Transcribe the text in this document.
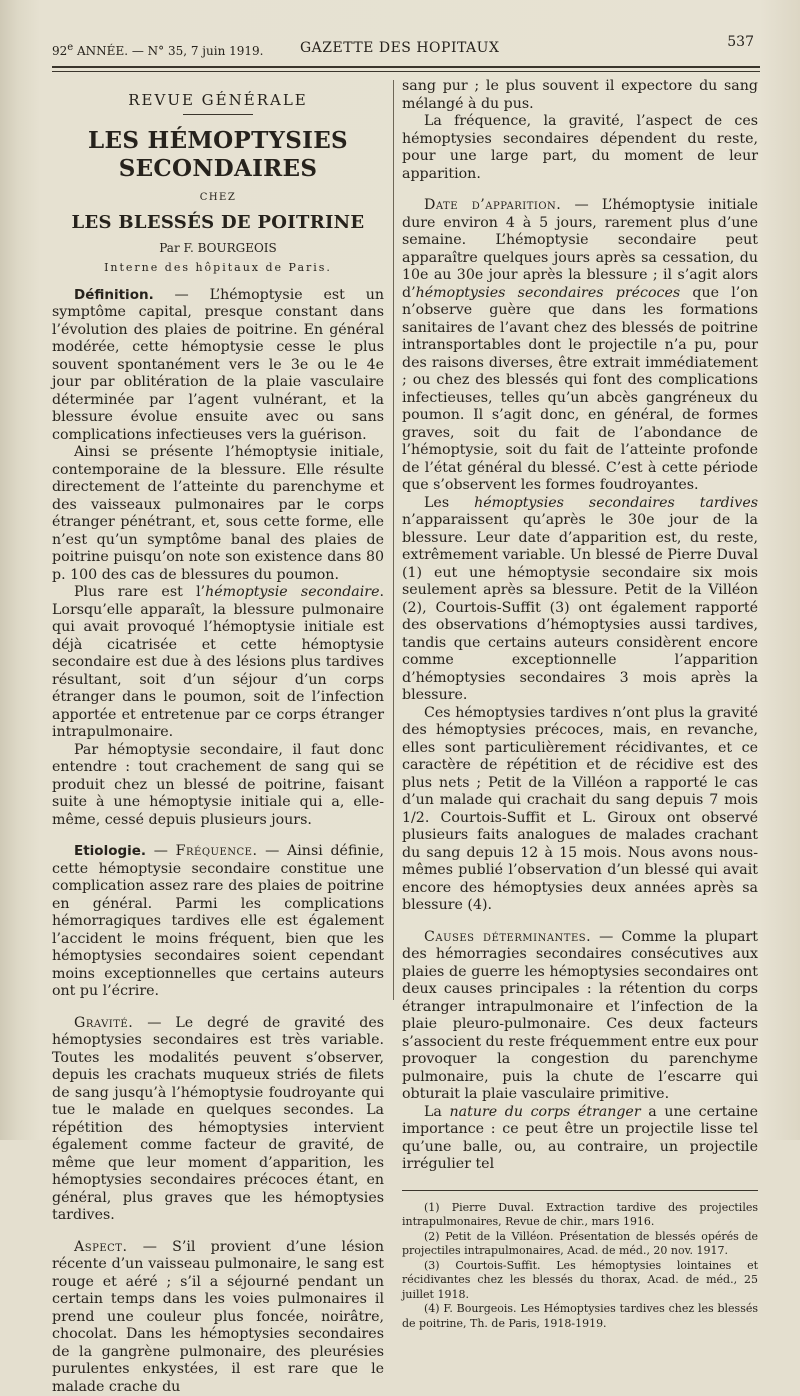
92e ANNÉE. — N° 35, 7 juin 1919.	GAZETTE DES HOPITAUX	537
REVUE GÉNÉRALE
LES HÉMOPTYSIES SECONDAIRES
CHEZ
LES BLESSÉS DE POITRINE
Par F. BOURGEOIS
Interne des hôpitaux de Paris.

Définition. — L’hémoptysie est un symptôme capital, presque constant dans l’évolution des plaies de poitrine. En général modérée, cette hémoptysie cesse le plus souvent spontanément vers le 3e ou le 4e jour par oblitération de la plaie vasculaire déterminée par l’agent vulnérant, et la blessure évolue ensuite avec ou sans complications infectieuses vers la guérison.

Ainsi se présente l’hémoptysie initiale, contemporaine de la blessure. Elle résulte directement de l’atteinte du parenchyme et des vaisseaux pulmonaires par le corps étranger pénétrant, et, sous cette forme, elle n’est qu’un symptôme banal des plaies de poitrine puisqu’on note son existence dans 80 p. 100 des cas de blessures du poumon.

Plus rare est l’hémoptysie secondaire. Lorsqu’elle apparaît, la blessure pulmonaire qui avait provoqué l’hémoptysie initiale est déjà cicatrisée et cette hémoptysie secondaire est due à des lésions plus tardives résultant, soit d’un séjour d’un corps étranger dans le poumon, soit de l’infection apportée et entretenue par ce corps étranger intrapulmonaire.

Par hémoptysie secondaire, il faut donc entendre : tout crachement de sang qui se produit chez un blessé de poitrine, faisant suite à une hémoptysie initiale qui a, elle-même, cessé depuis plusieurs jours.

Etiologie. — Fréquence. — Ainsi définie, cette hémoptysie secondaire constitue une complication assez rare des plaies de poitrine en général. Parmi les complications hémorragiques tardives elle est également l’accident le moins fréquent, bien que les hémoptysies secondaires soient cependant moins exceptionnelles que certains auteurs ont pu l’écrire.

Gravité. — Le degré de gravité des hémoptysies secondaires est très variable. Toutes les modalités peuvent s’observer, depuis les crachats muqueux striés de filets de sang jusqu’à l’hémoptysie foudroyante qui tue le malade en quelques secondes. La répétition des hémoptysies intervient également comme facteur de gravité, de même que leur moment d’apparition, les hémoptysies secondaires précoces étant, en général, plus graves que les hémoptysies tardives.

Aspect. — S’il provient d’une lésion récente d’un vaisseau pulmonaire, le sang est rouge et aéré ; s’il a séjourné pendant un certain temps dans les voies pulmonaires il prend une couleur plus foncée, noirâtre, chocolat. Dans les hémoptysies secondaires de la gangrène pulmonaire, des pleurésies purulentes enkystées, il est rare que le malade crache du

sang pur ; le plus souvent il expectore du sang mélangé à du pus.

La fréquence, la gravité, l’aspect de ces hémoptysies secondaires dépendent du reste, pour une large part, du moment de leur apparition.

Date d’apparition. — L’hémoptysie initiale dure environ 4 à 5 jours, rarement plus d’une semaine. L’hémoptysie secondaire peut apparaître quelques jours après sa cessation, du 10e au 30e jour après la blessure ; il s’agit alors d’hémoptysies secondaires précoces que l’on n’observe guère que dans les formations sanitaires de l’avant chez des blessés de poitrine intransportables dont le projectile n’a pu, pour des raisons diverses, être extrait immédiatement ; ou chez des blessés qui font des complications infectieuses, telles qu’un abcès gangréneux du poumon. Il s’agit donc, en général, de formes graves, soit du fait de l’abondance de l’hémoptysie, soit du fait de l’atteinte profonde de l’état général du blessé. C’est à cette période que s’observent les formes foudroyantes.

Les hémoptysies secondaires tardives n’apparaissent qu’après le 30e jour de la blessure. Leur date d’apparition est, du reste, extrêmement variable. Un blessé de Pierre Duval (1) eut une hémoptysie secondaire six mois seulement après sa blessure. Petit de la Villéon (2), Courtois-Suffit (3) ont également rapporté des observations d’hémoptysies aussi tardives, tandis que certains auteurs considèrent encore comme exceptionnelle l’apparition d’hémoptysies secondaires 3 mois après la blessure.

Ces hémoptysies tardives n’ont plus la gravité des hémoptysies précoces, mais, en revanche, elles sont particulièrement récidivantes, et ce caractère de répétition et de récidive est des plus nets ; Petit de la Villéon a rapporté le cas d’un malade qui crachait du sang depuis 7 mois 1/2. Courtois-Suffit et L. Giroux ont observé plusieurs faits analogues de malades crachant du sang depuis 12 à 15 mois. Nous avons nous-mêmes publié l’observation d’un blessé qui avait encore des hémoptysies deux années après sa blessure (4).

Causes déterminantes. — Comme la plupart des hémorragies secondaires consécutives aux plaies de guerre les hémoptysies secondaires ont deux causes principales : la rétention du corps étranger intrapulmonaire et l’infection de la plaie pleuro-pulmonaire. Ces deux facteurs s’associent du reste fréquemment entre eux pour provoquer la congestion du parenchyme pulmonaire, puis la chute de l’escarre qui obturait la plaie vasculaire primitive.

La nature du corps étranger a une certaine importance : ce peut être un projectile lisse tel qu’une balle, ou, au contraire, un projectile irrégulier tel

(1) Pierre Duval. Extraction tardive des projectiles intrapulmonaires, Revue de chir., mars 1916.

(2) Petit de la Villéon. Présentation de blessés opérés de projectiles intrapulmonaires, Acad. de méd., 20 nov. 1917.

(3) Courtois-Suffit. Les hémoptysies lointaines et récidivantes chez les blessés du thorax, Acad. de méd., 25 juillet 1918.

(4) F. Bourgeois. Les Hémoptysies tardives chez les blessés de poitrine, Th. de Paris, 1918-1919.
